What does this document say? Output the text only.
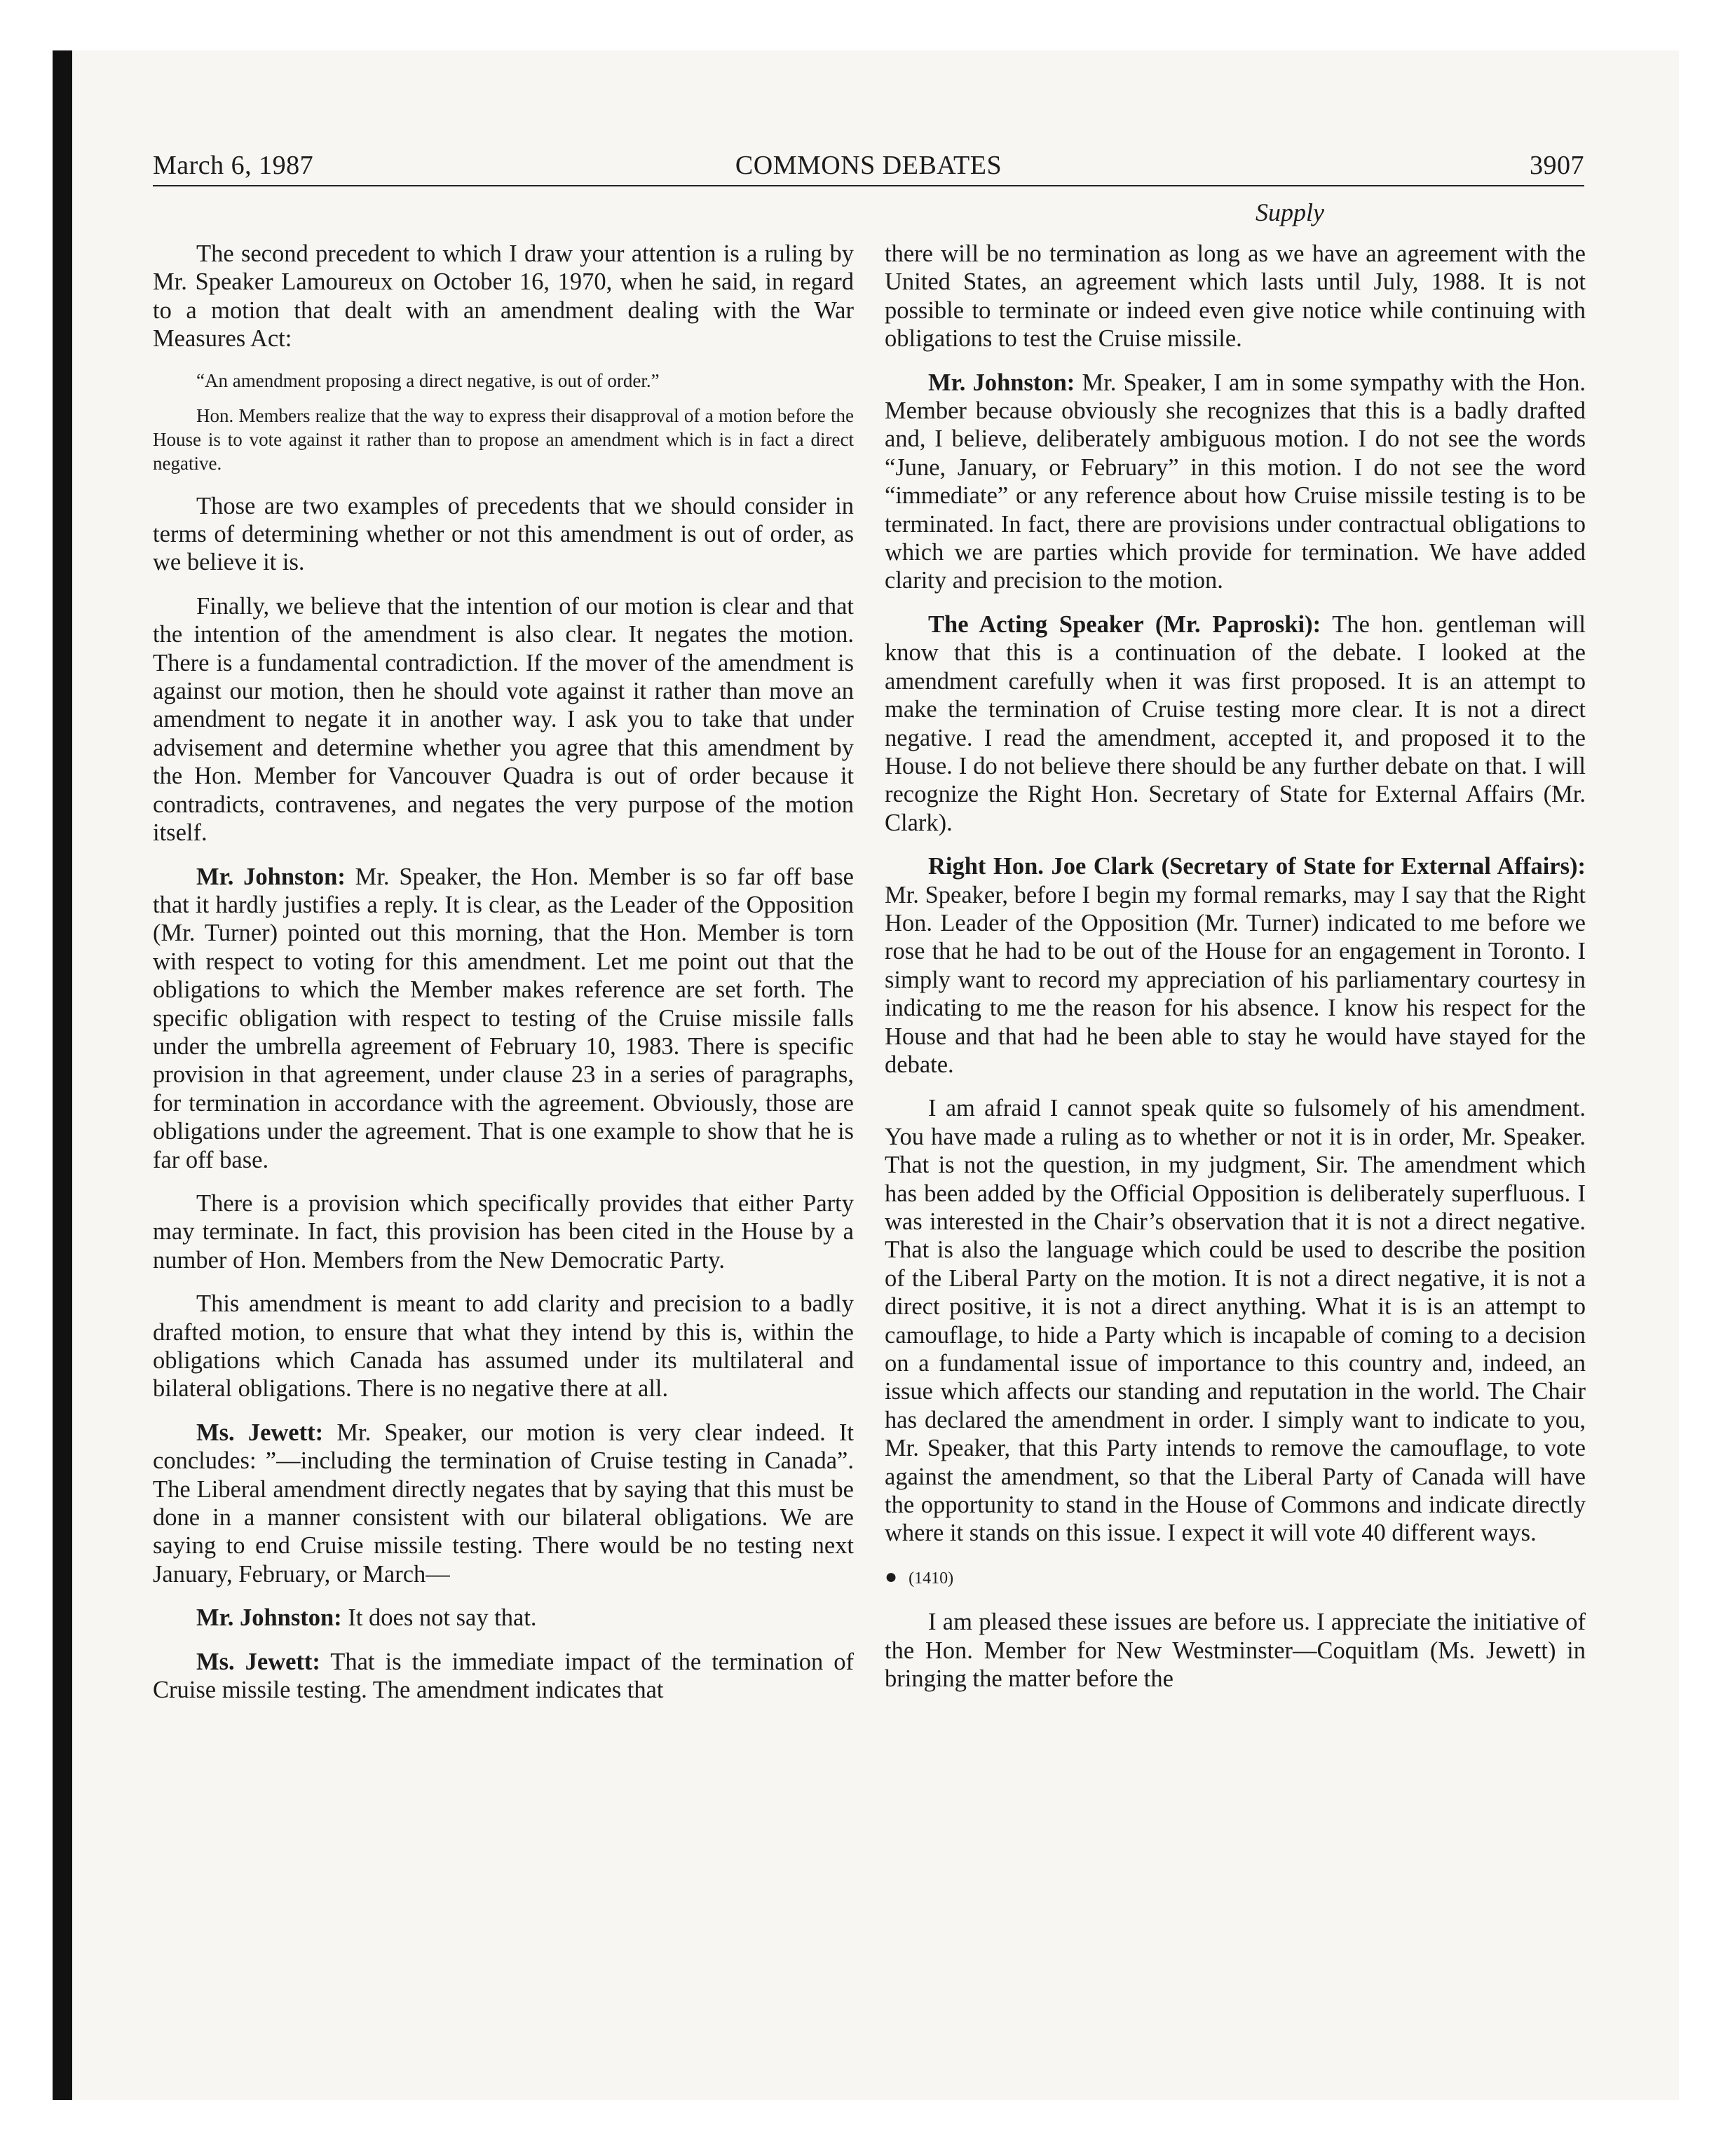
March 6, 1987	COMMONS DEBATES	3907
Supply

The second precedent to which I draw your attention is a ruling by Mr. Speaker Lamoureux on October 16, 1970, when he said, in regard to a motion that dealt with an amendment dealing with the War Measures Act:

“An amendment proposing a direct negative, is out of order.”

Hon. Members realize that the way to express their disapproval of a motion before the House is to vote against it rather than to propose an amendment which is in fact a direct negative.

Those are two examples of precedents that we should consider in terms of determining whether or not this amendment is out of order, as we believe it is.

Finally, we believe that the intention of our motion is clear and that the intention of the amendment is also clear. It negates the motion. There is a fundamental contradiction. If the mover of the amendment is against our motion, then he should vote against it rather than move an amendment to negate it in another way. I ask you to take that under advisement and determine whether you agree that this amendment by the Hon. Member for Vancouver Quadra is out of order because it contradicts, contravenes, and negates the very purpose of the motion itself.

Mr. Johnston: Mr. Speaker, the Hon. Member is so far off base that it hardly justifies a reply. It is clear, as the Leader of the Opposition (Mr. Turner) pointed out this morning, that the Hon. Member is torn with respect to voting for this amendment. Let me point out that the obligations to which the Member makes reference are set forth. The specific obligation with respect to testing of the Cruise missile falls under the umbrella agreement of February 10, 1983. There is specific provision in that agreement, under clause 23 in a series of paragraphs, for termination in accordance with the agreement. Obviously, those are obligations under the agreement. That is one example to show that he is far off base.

There is a provision which specifically provides that either Party may terminate. In fact, this provision has been cited in the House by a number of Hon. Members from the New Democratic Party.

This amendment is meant to add clarity and precision to a badly drafted motion, to ensure that what they intend by this is, within the obligations which Canada has assumed under its multilateral and bilateral obligations. There is no negative there at all.

Ms. Jewett: Mr. Speaker, our motion is very clear indeed. It concludes: ”—including the termination of Cruise testing in Canada”. The Liberal amendment directly negates that by saying that this must be done in a manner consistent with our bilateral obligations. We are saying to end Cruise missile testing. There would be no testing next January, February, or March—

Mr. Johnston: It does not say that.

Ms. Jewett: That is the immediate impact of the termination of Cruise missile testing. The amendment indicates that

there will be no termination as long as we have an agreement with the United States, an agreement which lasts until July, 1988. It is not possible to terminate or indeed even give notice while continuing with obligations to test the Cruise missile.

Mr. Johnston: Mr. Speaker, I am in some sympathy with the Hon. Member because obviously she recognizes that this is a badly drafted and, I believe, deliberately ambiguous motion. I do not see the words “June, January, or February” in this motion. I do not see the word “immediate” or any reference about how Cruise missile testing is to be terminated. In fact, there are provisions under contractual obligations to which we are parties which provide for termination. We have added clarity and precision to the motion.

The Acting Speaker (Mr. Paproski): The hon. gentleman will know that this is a continuation of the debate. I looked at the amendment carefully when it was first proposed. It is an attempt to make the termination of Cruise testing more clear. It is not a direct negative. I read the amendment, accepted it, and proposed it to the House. I do not believe there should be any further debate on that. I will recognize the Right Hon. Secretary of State for External Affairs (Mr. Clark).

Right Hon. Joe Clark (Secretary of State for External Affairs): Mr. Speaker, before I begin my formal remarks, may I say that the Right Hon. Leader of the Opposition (Mr. Turner) indicated to me before we rose that he had to be out of the House for an engagement in Toronto. I simply want to record my appreciation of his parliamentary courtesy in indicating to me the reason for his absence. I know his respect for the House and that had he been able to stay he would have stayed for the debate.

I am afraid I cannot speak quite so fulsomely of his amendment. You have made a ruling as to whether or not it is in order, Mr. Speaker. That is not the question, in my judgment, Sir. The amendment which has been added by the Official Opposition is deliberately superfluous. I was interested in the Chair’s observation that it is not a direct negative. That is also the language which could be used to describe the position of the Liberal Party on the motion. It is not a direct negative, it is not a direct positive, it is not a direct anything. What it is is an attempt to camouflage, to hide a Party which is incapable of coming to a decision on a fundamental issue of importance to this country and, indeed, an issue which affects our standing and reputation in the world. The Chair has declared the amendment in order. I simply want to indicate to you, Mr. Speaker, that this Party intends to remove the camouflage, to vote against the amendment, so that the Liberal Party of Canada will have the opportunity to stand in the House of Commons and indicate directly where it stands on this issue. I expect it will vote 40 different ways.

● (1410)

I am pleased these issues are before us. I appreciate the initiative of the Hon. Member for New Westminster—Coquitlam (Ms. Jewett) in bringing the matter before the
